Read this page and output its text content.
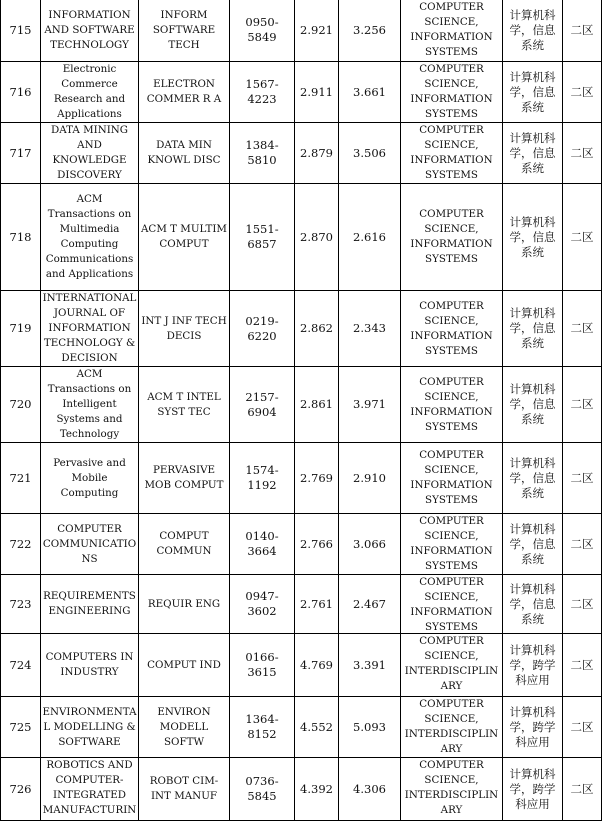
715	INFORMATION AND SOFTWARE TECHNOLOGY	INFORM SOFTWARE TECH	0950-5849	2.921	3.256	COMPUTER SCIENCE, INFORMATION SYSTEMS	计算机科学，信息系统	二区

716	Electronic Commerce Research and Applications	ELECTRON COMMER R A	1567-4223	2.911	3.661	COMPUTER SCIENCE, INFORMATION SYSTEMS	计算机科学，信息系统	二区

717	DATA MINING AND KNOWLEDGE DISCOVERY	DATA MIN KNOWL DISC	1384-5810	2.879	3.506	COMPUTER SCIENCE, INFORMATION SYSTEMS	计算机科学，信息系统	二区

718	ACM Transactions on Multimedia Computing Communications and Applications	ACM T MULTIM COMPUT	1551-6857	2.870	2.616	COMPUTER SCIENCE, INFORMATION SYSTEMS	计算机科学，信息系统	二区

719	INTERNATIONAL JOURNAL OF INFORMATION TECHNOLOGY & DECISION	INT J INF TECH DECIS	0219-6220	2.862	2.343	COMPUTER SCIENCE, INFORMATION SYSTEMS	计算机科学，信息系统	二区

720	ACM Transactions on Intelligent Systems and Technology	ACM T INTEL SYST TEC	2157-6904	2.861	3.971	COMPUTER SCIENCE, INFORMATION SYSTEMS	计算机科学，信息系统	二区

721	Pervasive and Mobile Computing	PERVASIVE MOB COMPUT	1574-1192	2.769	2.910	COMPUTER SCIENCE, INFORMATION SYSTEMS	计算机科学，信息系统	二区

722	COMPUTER COMMUNICATIONS	COMPUT COMMUN	0140-3664	2.766	3.066	COMPUTER SCIENCE, INFORMATION SYSTEMS	计算机科学，信息系统	二区

723	REQUIREMENTS ENGINEERING	REQUIR ENG	0947-3602	2.761	2.467	COMPUTER SCIENCE, INFORMATION SYSTEMS	计算机科学，信息系统	二区

724	COMPUTERS IN INDUSTRY	COMPUT IND	0166-3615	4.769	3.391	COMPUTER SCIENCE, INTERDISCIPLINARY	计算机科学，跨学科应用	二区

725	ENVIRONMENTAL MODELLING & SOFTWARE	ENVIRON MODELL SOFTW	1364-8152	4.552	5.093	COMPUTER SCIENCE, INTERDISCIPLINARY	计算机科学，跨学科应用	二区

726	ROBOTICS AND COMPUTER-INTEGRATED MANUFACTURIN	ROBOT CIM-INT MANUF	0736-5845	4.392	4.306	COMPUTER SCIENCE, INTERDISCIPLINARY	计算机科学，跨学科应用	二区
